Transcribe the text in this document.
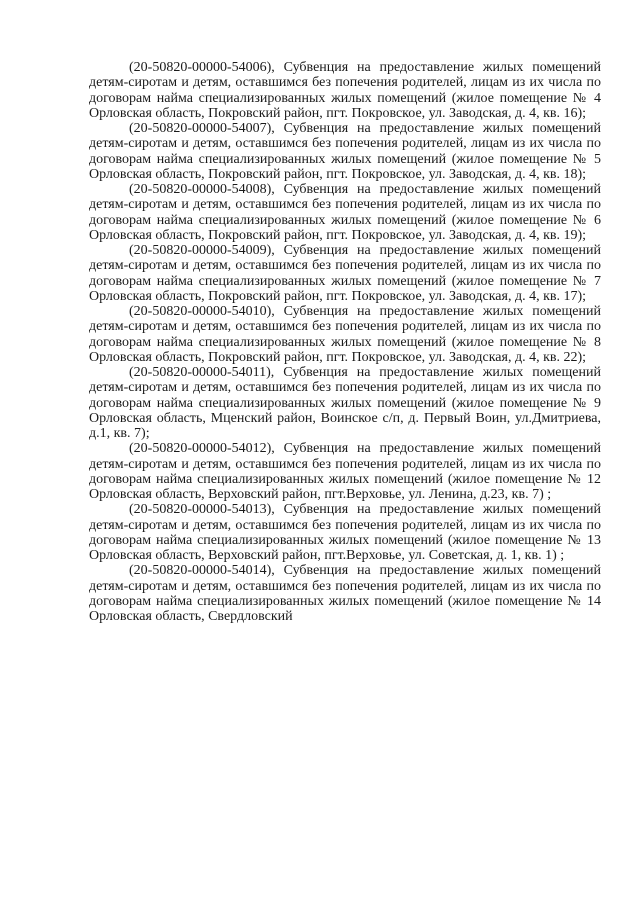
(20-50820-00000-54006), Субвенция на предоставление жилых помещений детям-сиротам и детям, оставшимся без попечения родителей, лицам из их числа по договорам найма специализированных жилых помещений (жилое помещение № 4 Орловская область, Покровский район, пгт. Покровское, ул. Заводская, д. 4, кв. 16);

(20-50820-00000-54007), Субвенция на предоставление жилых помещений детям-сиротам и детям, оставшимся без попечения родителей, лицам из их числа по договорам найма специализированных жилых помещений (жилое помещение № 5 Орловская область, Покровский район, пгт. Покровское, ул. Заводская, д. 4, кв. 18);

(20-50820-00000-54008), Субвенция на предоставление жилых помещений детям-сиротам и детям, оставшимся без попечения родителей, лицам из их числа по договорам найма специализированных жилых помещений (жилое помещение № 6 Орловская область, Покровский район, пгт. Покровское, ул. Заводская, д. 4, кв. 19);

(20-50820-00000-54009), Субвенция на предоставление жилых помещений детям-сиротам и детям, оставшимся без попечения родителей, лицам из их числа по договорам найма специализированных жилых помещений (жилое помещение № 7 Орловская область, Покровский район, пгт. Покровское, ул. Заводская, д. 4, кв. 17);

(20-50820-00000-54010), Субвенция на предоставление жилых помещений детям-сиротам и детям, оставшимся без попечения родителей, лицам из их числа по договорам найма специализированных жилых помещений (жилое помещение № 8 Орловская область, Покровский район, пгт. Покровское, ул. Заводская, д. 4, кв. 22);

(20-50820-00000-54011), Субвенция на предоставление жилых помещений детям-сиротам и детям, оставшимся без попечения родителей, лицам из их числа по договорам найма специализированных жилых помещений (жилое помещение № 9 Орловская область, Мценский район, Воинское с/п, д. Первый Воин, ул.Дмитриева, д.1, кв. 7);

(20-50820-00000-54012), Субвенция на предоставление жилых помещений детям-сиротам и детям, оставшимся без попечения родителей, лицам из их числа по договорам найма специализированных жилых помещений (жилое помещение № 12 Орловская область, Верховский район, пгт.Верховье, ул. Ленина, д.23, кв. 7) ;

(20-50820-00000-54013), Субвенция на предоставление жилых помещений детям-сиротам и детям, оставшимся без попечения родителей, лицам из их числа по договорам найма специализированных жилых помещений (жилое помещение № 13 Орловская область, Верховский район, пгт.Верховье, ул. Советская, д. 1, кв. 1) ;

(20-50820-00000-54014), Субвенция на предоставление жилых помещений детям-сиротам и детям, оставшимся без попечения родителей, лицам из их числа по договорам найма специализированных жилых помещений (жилое помещение № 14 Орловская область, Свердловский
